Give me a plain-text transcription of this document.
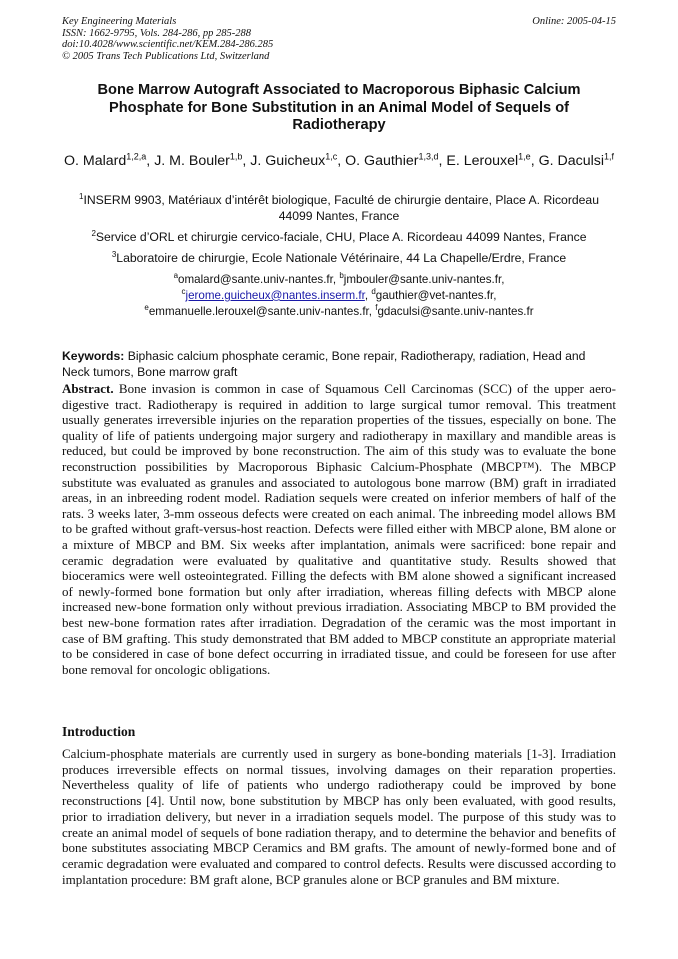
Key Engineering Materials
ISSN: 1662-9795, Vols. 284-286, pp 285-288
doi:10.4028/www.scientific.net/KEM.284-286.285
© 2005 Trans Tech Publications Ltd, Switzerland
Online: 2005-04-15
Bone Marrow Autograft Associated to Macroporous Biphasic Calcium Phosphate for Bone Substitution in an Animal Model of Sequels of Radiotherapy
O. Malard$^{1,2,a}$, J. M. Bouler$^{1,b}$, J. Guicheux$^{1,c}$, O. Gauthier$^{1,3,d}$, E. Lerouxel$^{1,e}$, G. Daculsi$^{1,f}$
$^1$INSERM 9903, Matériaux d’intérêt biologique, Faculté de chirurgie dentaire, Place A. Ricordeau 44099 Nantes, France
$^2$Service d’ORL et chirurgie cervico-faciale, CHU, Place A. Ricordeau 44099 Nantes, France
$^3$Laboratoire de chirurgie, Ecole Nationale Vétérinaire, 44 La Chapelle/Erdre, France
$^a$omalard@sante.univ-nantes.fr, $^b$jmbouler@sante.univ-nantes.fr,
$^c$jerome.guicheux@nantes.inserm.fr, $^d$gauthier@vet-nantes.fr,
$^e$emmanuelle.lerouxel@sante.univ-nantes.fr, $^f$gdaculsi@sante.univ-nantes.fr
Keywords: Biphasic calcium phosphate ceramic, Bone repair, Radiotherapy, radiation, Head and Neck tumors, Bone marrow graft
Abstract. Bone invasion is common in case of Squamous Cell Carcinomas (SCC) of the upper aero-digestive tract. Radiotherapy is required in addition to large surgical tumor removal. This treatment usually generates irreversible injuries on the reparation properties of the tissues, especially on bone. The quality of life of patients undergoing major surgery and radiotherapy in maxillary and mandible areas is reduced, but could be improved by bone reconstruction. The aim of this study was to evaluate the bone reconstruction possibilities by Macroporous Biphasic Calcium-Phosphate (MBCP™). The MBCP substitute was evaluated as granules and associated to autologous bone marrow (BM) graft in irradiated areas, in an inbreeding rodent model. Radiation sequels were created on inferior members of half of the rats. 3 weeks later, 3-mm osseous defects were created on each animal. The inbreeding model allows BM to be grafted without graft-versus-host reaction. Defects were filled either with MBCP alone, BM alone or a mixture of MBCP and BM. Six weeks after implantation, animals were sacrificed: bone repair and ceramic degradation were evaluated by qualitative and quantitative study. Results showed that bioceramics were well osteointegrated. Filling the defects with BM alone showed a significant increased of newly-formed bone formation but only after irradiation, whereas filling defects with MBCP alone increased new-bone formation only without previous irradiation. Associating MBCP to BM provided the best new-bone formation rates after irradiation. Degradation of the ceramic was the most important in case of BM grafting. This study demonstrated that BM added to MBCP constitute an appropriate material to be considered in case of bone defect occurring in irradiated tissue, and could be foreseen for use after bone removal for oncologic obligations.
Introduction
Calcium-phosphate materials are currently used in surgery as bone-bonding materials [1-3]. Irradiation produces irreversible effects on normal tissues, involving damages on their reparation properties. Nevertheless quality of life of patients who undergo radiotherapy could be improved by bone reconstructions [4]. Until now, bone substitution by MBCP has only been evaluated, with good results, prior to irradiation delivery, but never in a irradiation sequels model. The purpose of this study was to create an animal model of sequels of bone radiation therapy, and to determine the behavior and benefits of bone substitutes associating MBCP Ceramics and BM grafts. The amount of newly-formed bone and of ceramic degradation were evaluated and compared to control defects. Results were discussed according to implantation procedure: BM graft alone, BCP granules alone or BCP granules and BM mixture.
